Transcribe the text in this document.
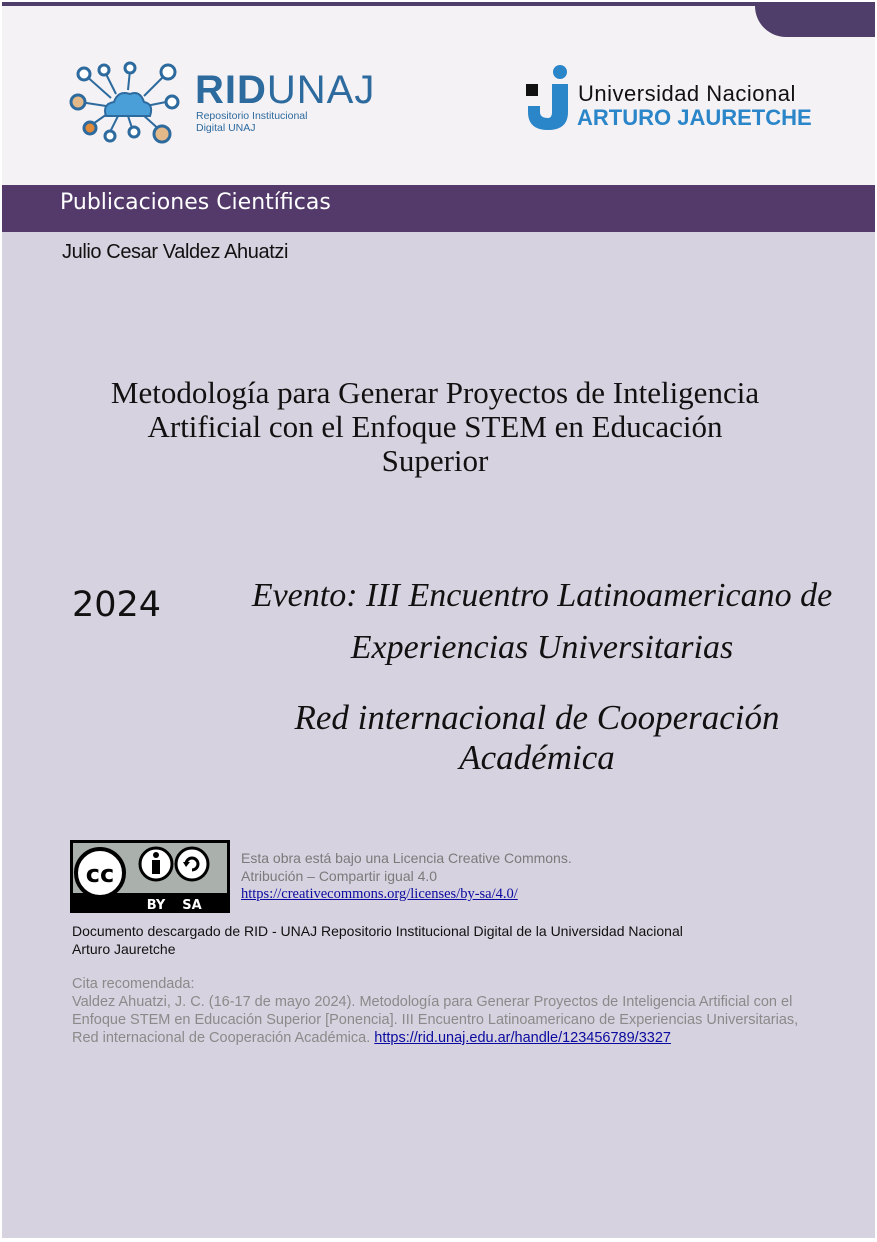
RIDUNAJ
Repositorio Institucional
Digital UNAJ
Universidad Nacional
ARTURO JAURETCHE
Publicaciones Científicas
Julio Cesar Valdez Ahuatzi
Metodología para Generar Proyectos de Inteligencia
Artificial con el Enfoque STEM en Educación
Superior
2024	Evento: III Encuentro Latinoamericano de
Experiencias Universitarias
Red internacional de Cooperación Académica
cc
BY SA
Esta obra está bajo una Licencia Creative Commons.
Atribución – Compartir igual 4.0
https://creativecommons.org/licenses/by-sa/4.0/
Documento descargado de RID - UNAJ Repositorio Institucional Digital de la Universidad Nacional Arturo Jauretche
Cita recomendada:
Valdez Ahuatzi, J. C. (16-17 de mayo 2024). Metodología para Generar Proyectos de Inteligencia Artificial con el Enfoque STEM en Educación Superior [Ponencia]. III Encuentro Latinoamericano de Experiencias Universitarias, Red internacional de Cooperación Académica. https://rid.unaj.edu.ar/handle/123456789/3327
